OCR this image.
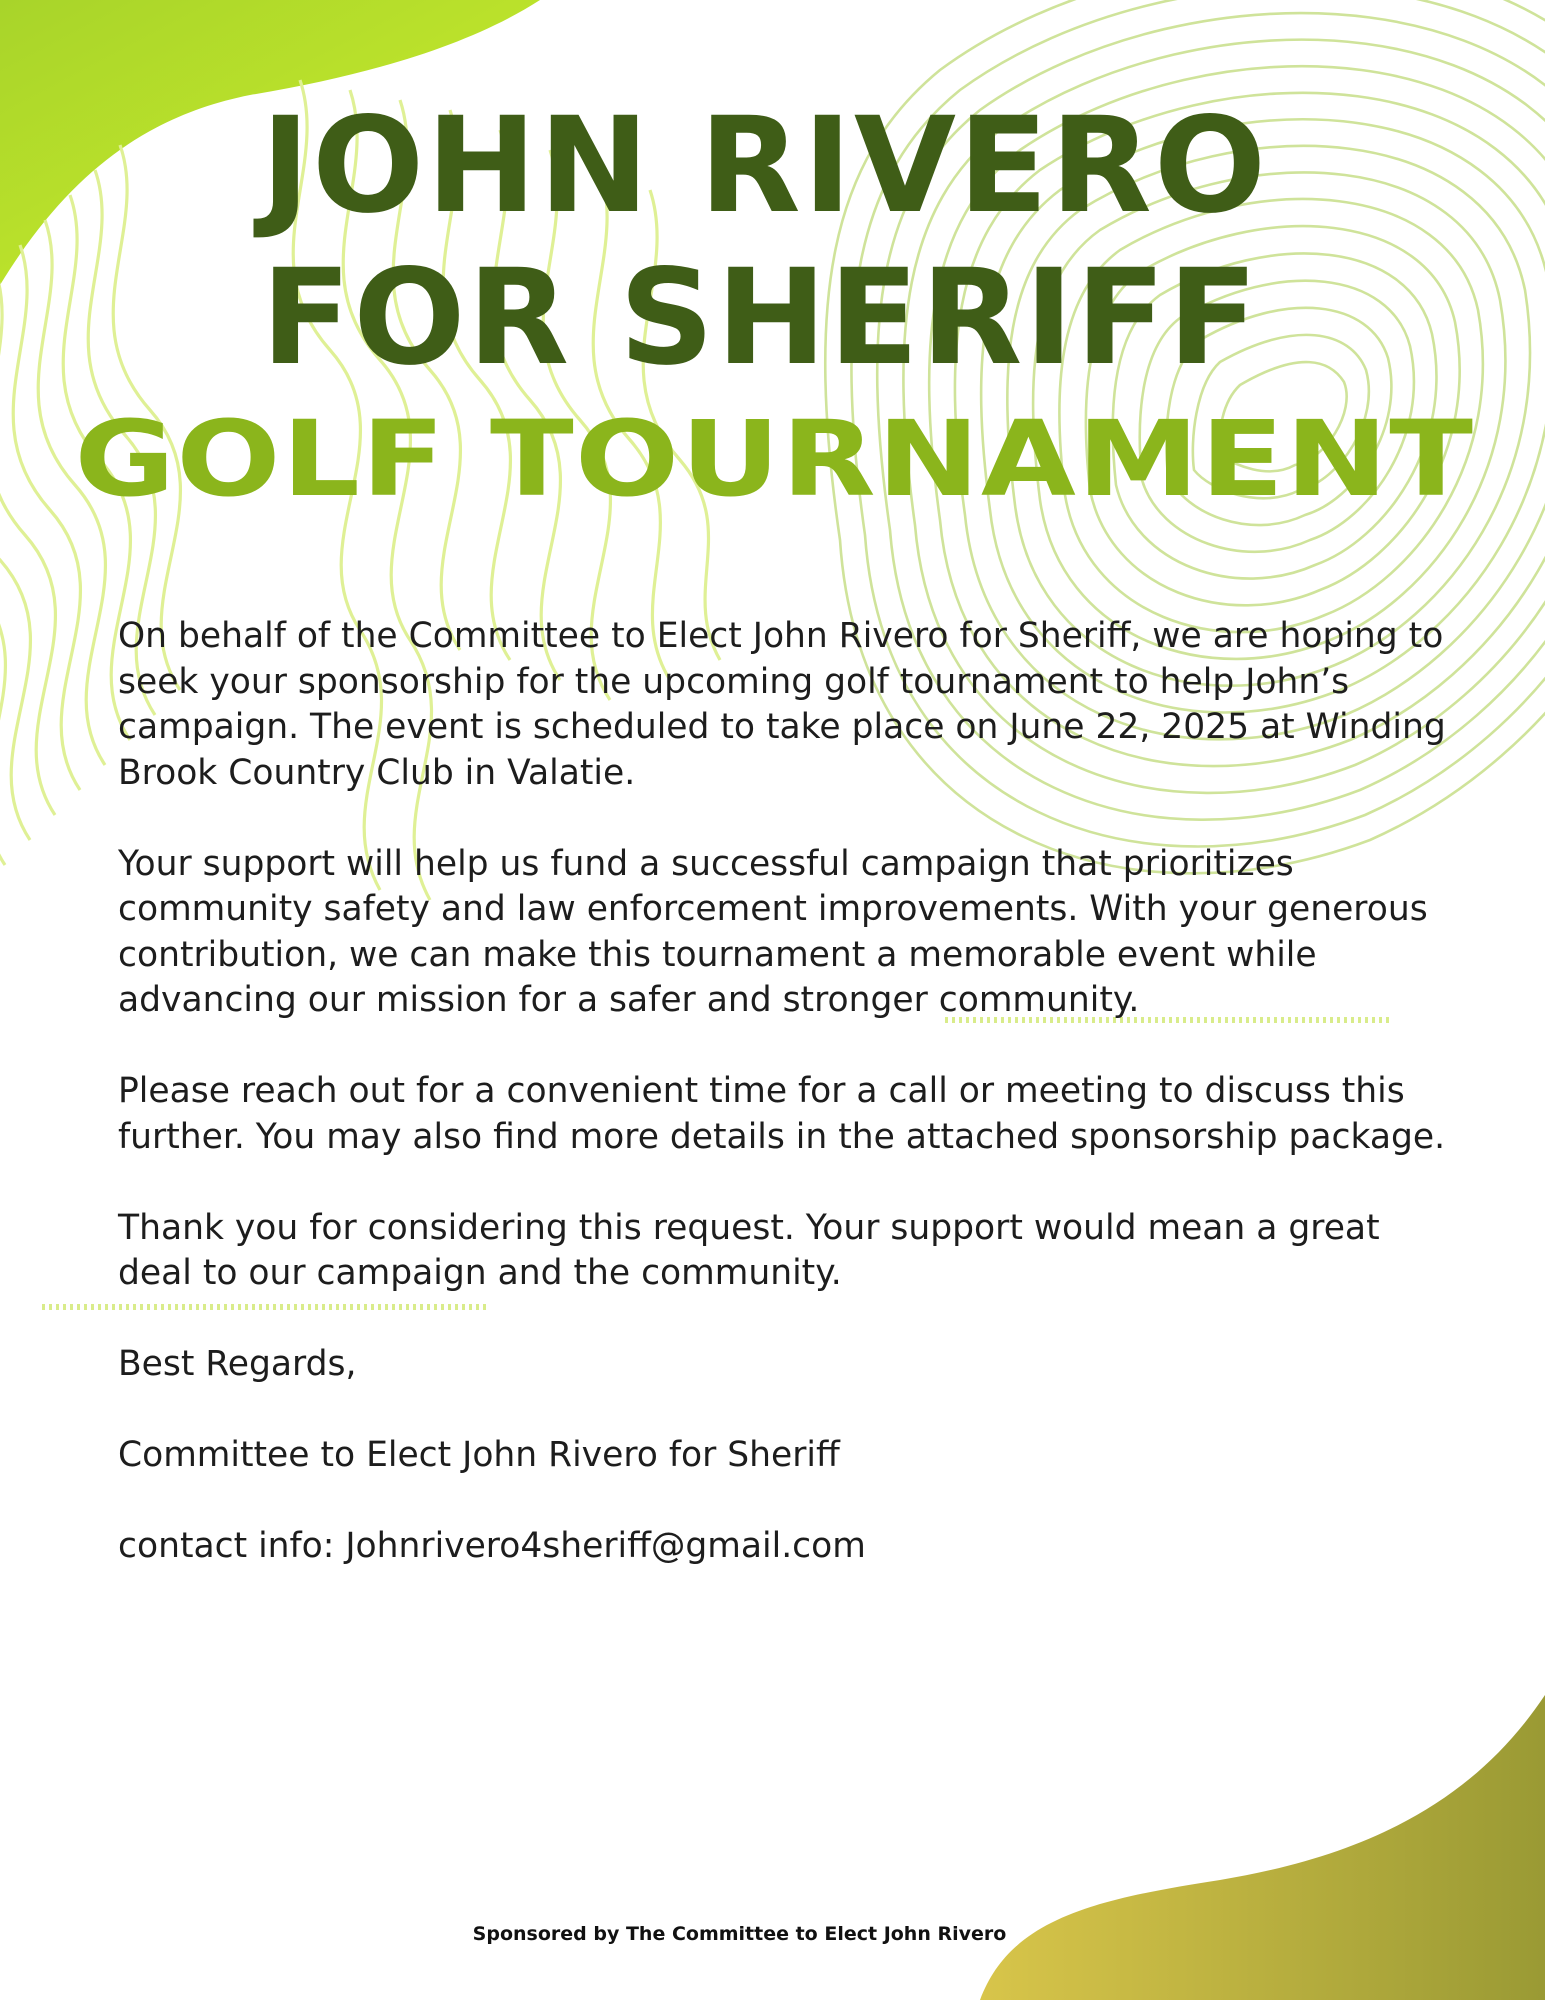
JOHN RIVERO
FOR SHERIFF
GOLF TOURNAMENT

On behalf of the Committee to Elect John Rivero for Sheriff, we are hoping to seek your sponsorship for the upcoming golf tournament to help John’s campaign. The event is scheduled to take place on June 22, 2025 at Winding Brook Country Club in Valatie.

Your support will help us fund a successful campaign that prioritizes community safety and law enforcement improvements. With your generous contribution, we can make this tournament a memorable event while advancing our mission for a safer and stronger community.

Please reach out for a convenient time for a call or meeting to discuss this further. You may also find more details in the attached sponsorship package.

Thank you for considering this request. Your support would mean a great deal to our campaign and the community.

Best Regards,

Committee to Elect John Rivero for Sheriff

contact info: Johnrivero4sheriff@gmail.com

Sponsored by The Committee to Elect John Rivero
